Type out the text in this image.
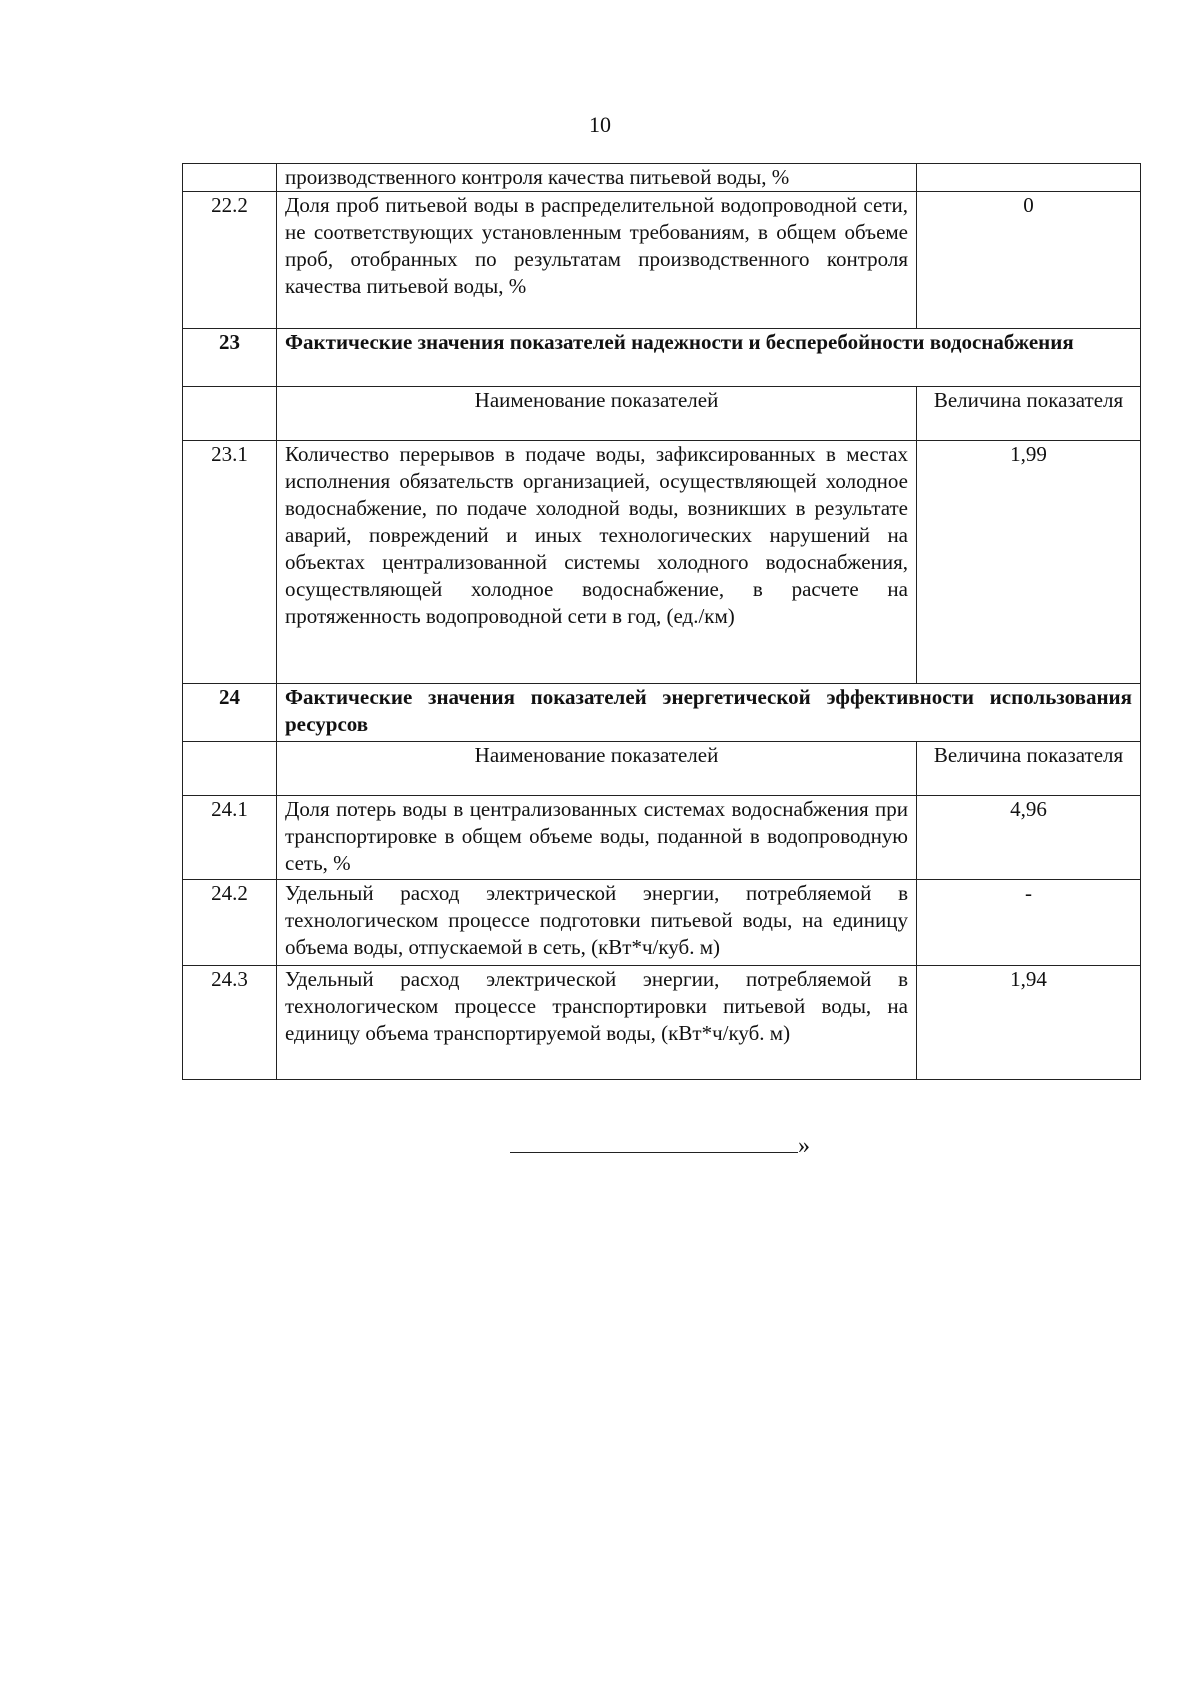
10
	производственного контроля качества питьевой воды, %	
22.2	Доля проб питьевой воды в распределительной водопроводной сети, не соответствующих установленным требованиям, в общем объеме проб, отобранных по результатам производственного контроля качества питьевой воды, %	0
23	Фактические значения показателей надежности и бесперебойности водоснабжения	
	Наименование показателей	Величина показателя
23.1	Количество перерывов в подаче воды, зафиксированных в местах исполнения обязательств организацией, осуществляющей холодное водоснабжение, по подаче холодной воды, возникших в результате аварий, повреждений и иных технологических нарушений на объектах централизованной системы холодного водоснабжения, осуществляющей холодное водоснабжение, в расчете на протяженность водопроводной сети в год, (ед./км)	1,99
24	Фактические значения показателей энергетической эффективности использования ресурсов	
	Наименование показателей	Величина показателя
24.1	Доля потерь воды в централизованных системах водоснабжения при транспортировке в общем объеме воды, поданной в водопроводную сеть, %	4,96
24.2	Удельный расход электрической энергии, потребляемой в технологическом процессе подготовки питьевой воды, на единицу объема воды, отпускаемой в сеть, (кВт*ч/куб. м)	-
24.3	Удельный расход электрической энергии, потребляемой в технологическом процессе транспортировки питьевой воды, на единицу объема транспортируемой воды, (кВт*ч/куб. м)	1,94
»
